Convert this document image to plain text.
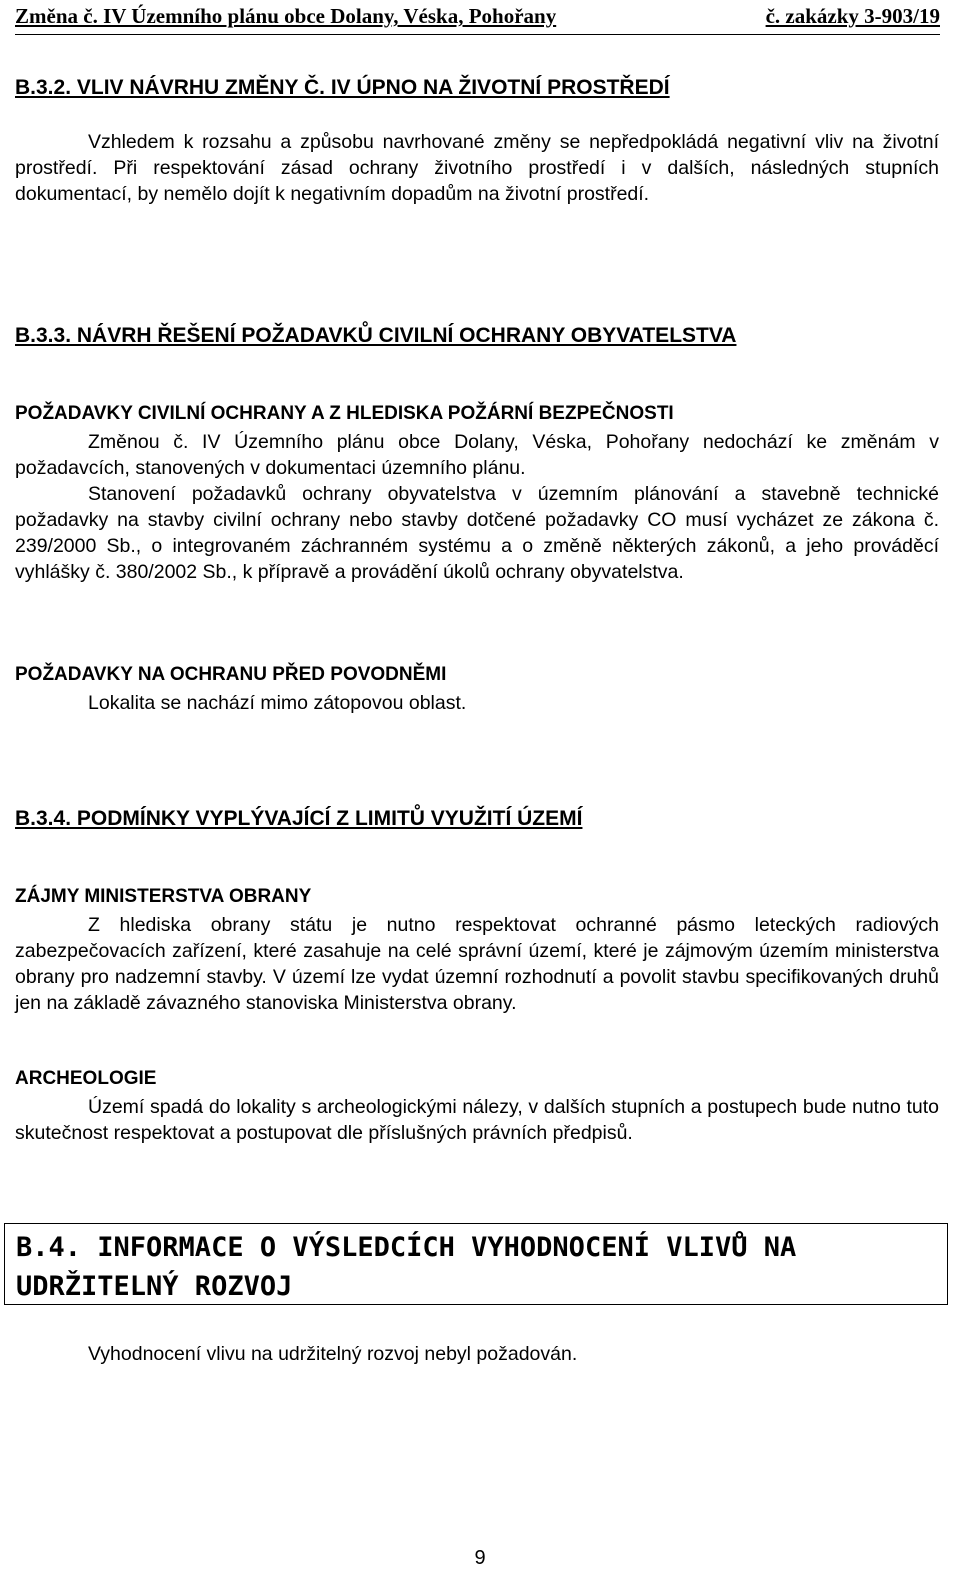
Změna č. IV Územního plánu obce Dolany, Véska, Pohořany	č. zakázky 3-903/19
B.3.2. VLIV NÁVRHU ZMĚNY Č. IV ÚPNO NA ŽIVOTNÍ PROSTŘEDÍ
Vzhledem k rozsahu a způsobu navrhované změny se nepředpokládá negativní vliv na životní prostředí. Při respektování zásad ochrany životního prostředí i v dalších, následných stupních dokumentací, by nemělo dojít k negativním dopadům na životní prostředí.
B.3.3. NÁVRH ŘEŠENÍ POŽADAVKŮ CIVILNÍ OCHRANY OBYVATELSTVA
POŽADAVKY CIVILNÍ OCHRANY A Z HLEDISKA POŽÁRNÍ BEZPEČNOSTI
Změnou č. IV Územního plánu obce Dolany, Véska, Pohořany nedochází ke změnám v požadavcích, stanovených v dokumentaci územního plánu.
Stanovení požadavků ochrany obyvatelstva v územním plánování a stavebně technické požadavky na stavby civilní ochrany nebo stavby dotčené požadavky CO musí vycházet ze zákona č. 239/2000 Sb., o integrovaném záchranném systému a o změně některých zákonů, a jeho prováděcí vyhlášky č. 380/2002 Sb., k přípravě a provádění úkolů ochrany obyvatelstva.
POŽADAVKY NA OCHRANU PŘED POVODNĚMI
Lokalita se nachází mimo zátopovou oblast.
B.3.4. PODMÍNKY VYPLÝVAJÍCÍ Z LIMITŮ VYUŽITÍ ÚZEMÍ
ZÁJMY MINISTERSTVA OBRANY
Z hlediska obrany státu je nutno respektovat ochranné pásmo leteckých radiových zabezpečovacích zařízení, které zasahuje na celé správní území, které je zájmovým územím ministerstva obrany pro nadzemní stavby. V území lze vydat územní rozhodnutí a povolit stavbu specifikovaných druhů jen na základě závazného stanoviska Ministerstva obrany.
ARCHEOLOGIE
Území spadá do lokality s archeologickými nálezy, v dalších stupních a postupech bude nutno tuto skutečnost respektovat a postupovat dle příslušných právních předpisů.
B.4. INFORMACE O VÝSLEDCÍCH VYHODNOCENÍ VLIVŮ NA UDRŽITELNÝ ROZVOJ
Vyhodnocení vlivu na udržitelný rozvoj nebyl požadován.
9
